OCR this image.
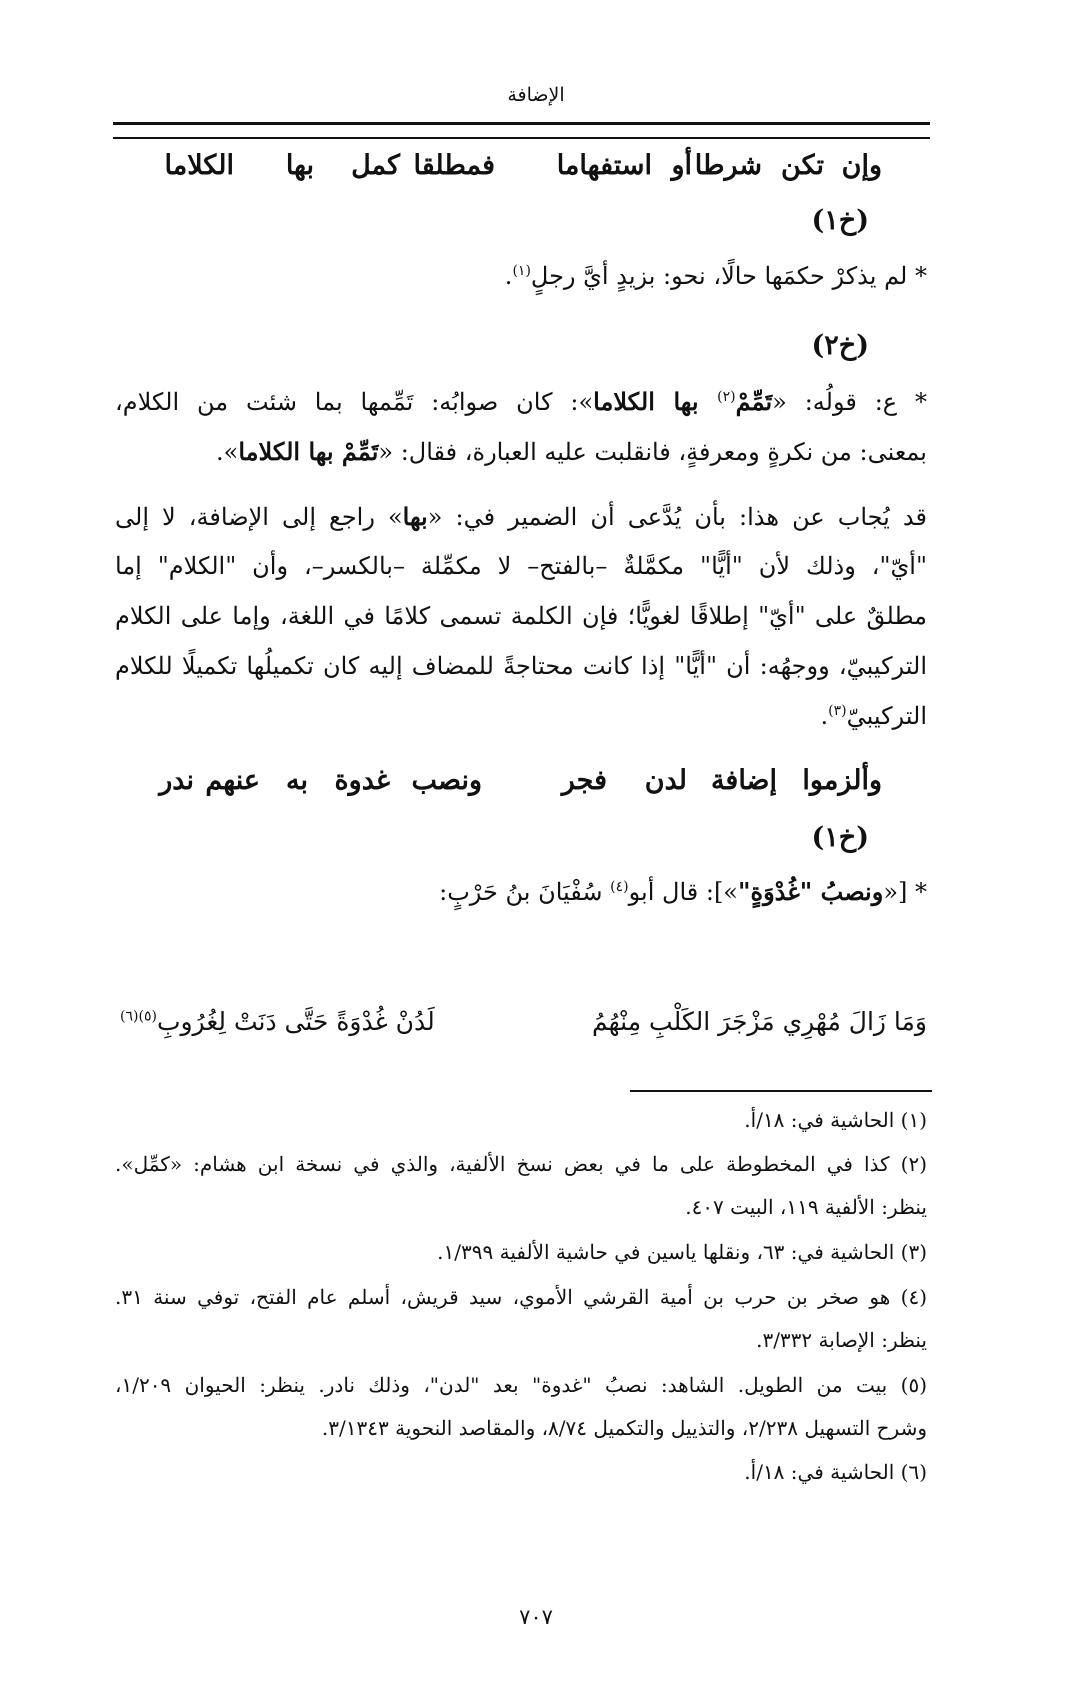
الإضافة
وإن
تكن
شرطا
أو
استفهاما
فمطلقا
كمل
بها
الكلاما
(خ١)
* لم يذكرْ حكمَها حالًا، نحو: بزيدٍ أيَّ رجلٍ$^{(١)}$.
(خ٢)
* ع: قولُه: «تَمِّمْ$^{(٢)}$ بها الكلاما»: كان صوابُه: تَمِّمها بما شئت من الكلام،
بمعنى: من نكرةٍ ومعرفةٍ، فانقلبت عليه العبارة، فقال: «تَمِّمْ بها الكلاما».
قد يُجاب عن هذا: بأن يُدَّعى أن الضمير في: «بها» راجع إلى الإضافة، لا إلى
"أيّ"، وذلك لأن "أيًّا" مكمَّلةٌ –بالفتح– لا مكمِّلة –بالكسر–، وأن "الكلام" إما
مطلقٌ على "أيّ" إطلاقًا لغويًّا؛ فإن الكلمة تسمى كلامًا في اللغة، وإما على الكلام
التركيبيّ، ووجهُه: أن "أيًّا" إذا كانت محتاجةً للمضاف إليه كان تكميلُها تكميلًا للكلام
التركيبيّ$^{(٣)}$.
وألزموا
إضافة
لدن
فجر
ونصب
غدوة
به
عنهم
ندر
(خ١)
* [«ونصبُ "غُدْوَةٍ"»]: قال أبو$^{(٤)}$ سُفْيَانَ بنُ حَرْبٍ:
وَمَا زَالَ مُهْرِي مَزْجَرَ الكَلْبِ مِنْهُمُ
لَدُنْ غُدْوَةً حَتَّى دَنَتْ لِغُرُوبِ$^{(٥)(٦)}$
(١) الحاشية في: ١٨/أ.
(٢) كذا في المخطوطة على ما في بعض نسخ الألفية، والذي في نسخة ابن هشام: «كمِّل».
ينظر: الألفية ١١٩، البيت ٤٠٧.
(٣) الحاشية في: ٦٣، ونقلها ياسين في حاشية الألفية ١/٣٩٩.
(٤) هو صخر بن حرب بن أمية القرشي الأموي، سيد قريش، أسلم عام الفتح، توفي سنة ٣١.
ينظر: الإصابة ٣/٣٣٢.
(٥) بيت من الطويل. الشاهد: نصبُ "غدوة" بعد "لدن"، وذلك نادر. ينظر: الحيوان ١/٢٠٩،
وشرح التسهيل ٢/٢٣٨، والتذييل والتكميل ٨/٧٤، والمقاصد النحوية ٣/١٣٤٣.
(٦) الحاشية في: ١٨/أ.
٧٠٧
